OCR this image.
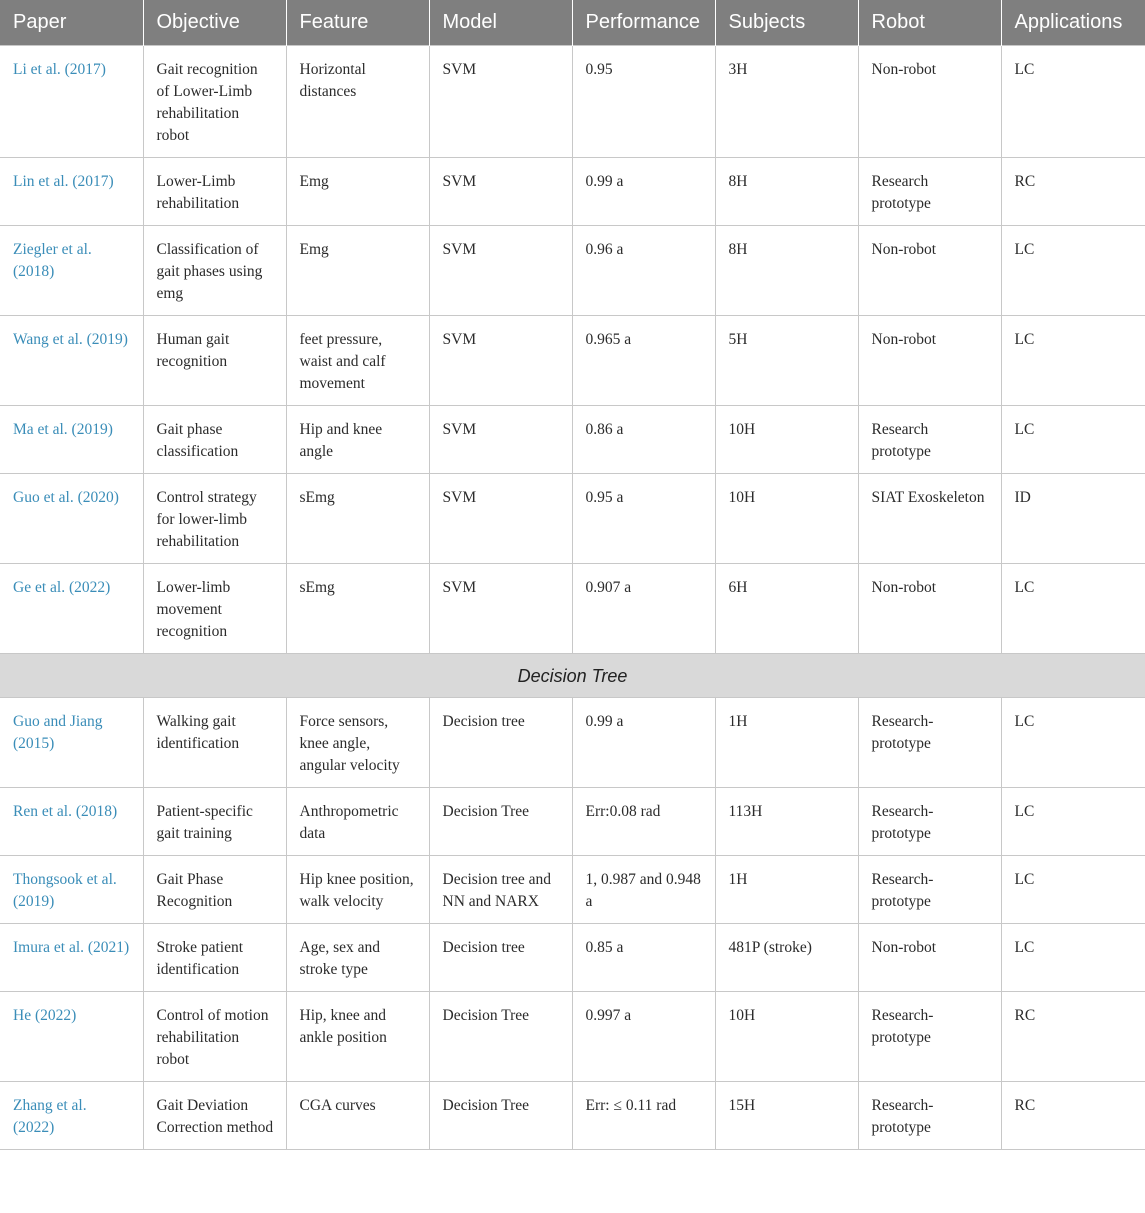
Paper	Objective	Feature	Model	Performance	Subjects	Robot	Applications
Li et al. (2017)	Gait recognition of Lower-Limb rehabilitation robot	Horizontal distances	SVM	0.95	3H	Non-robot	LC
Lin et al. (2017)	Lower-Limb rehabilitation	Emg	SVM	0.99 a	8H	Research prototype	RC
Ziegler et al. (2018)	Classification of gait phases using emg	Emg	SVM	0.96 a	8H	Non-robot	LC
Wang et al. (2019)	Human gait recognition	feet pressure, waist and calf movement	SVM	0.965 a	5H	Non-robot	LC
Ma et al. (2019)	Gait phase classification	Hip and knee angle	SVM	0.86 a	10H	Research prototype	LC
Guo et al. (2020)	Control strategy for lower-limb rehabilitation	sEmg	SVM	0.95 a	10H	SIAT Exoskeleton	ID
Ge et al. (2022)	Lower-limb movement recognition	sEmg	SVM	0.907 a	6H	Non-robot	LC
Decision Tree							
Guo and Jiang (2015)	Walking gait identification	Force sensors, knee angle, angular velocity	Decision tree	0.99 a	1H	Research-prototype	LC
Ren et al. (2018)	Patient-specific gait training	Anthropometric data	Decision Tree	Err:0.08 rad	113H	Research-prototype	LC
Thongsook et al. (2019)	Gait Phase Recognition	Hip knee position, walk velocity	Decision tree and NN and NARX	1, 0.987 and 0.948 a	1H	Research-prototype	LC
Imura et al. (2021)	Stroke patient identification	Age, sex and stroke type	Decision tree	0.85 a	481P (stroke)	Non-robot	LC
He (2022)	Control of motion rehabilitation robot	Hip, knee and ankle position	Decision Tree	0.997 a	10H	Research-prototype	RC
Zhang et al. (2022)	Gait Deviation Correction method	CGA curves	Decision Tree	Err: ≤ 0.11 rad	15H	Research-prototype	RC
